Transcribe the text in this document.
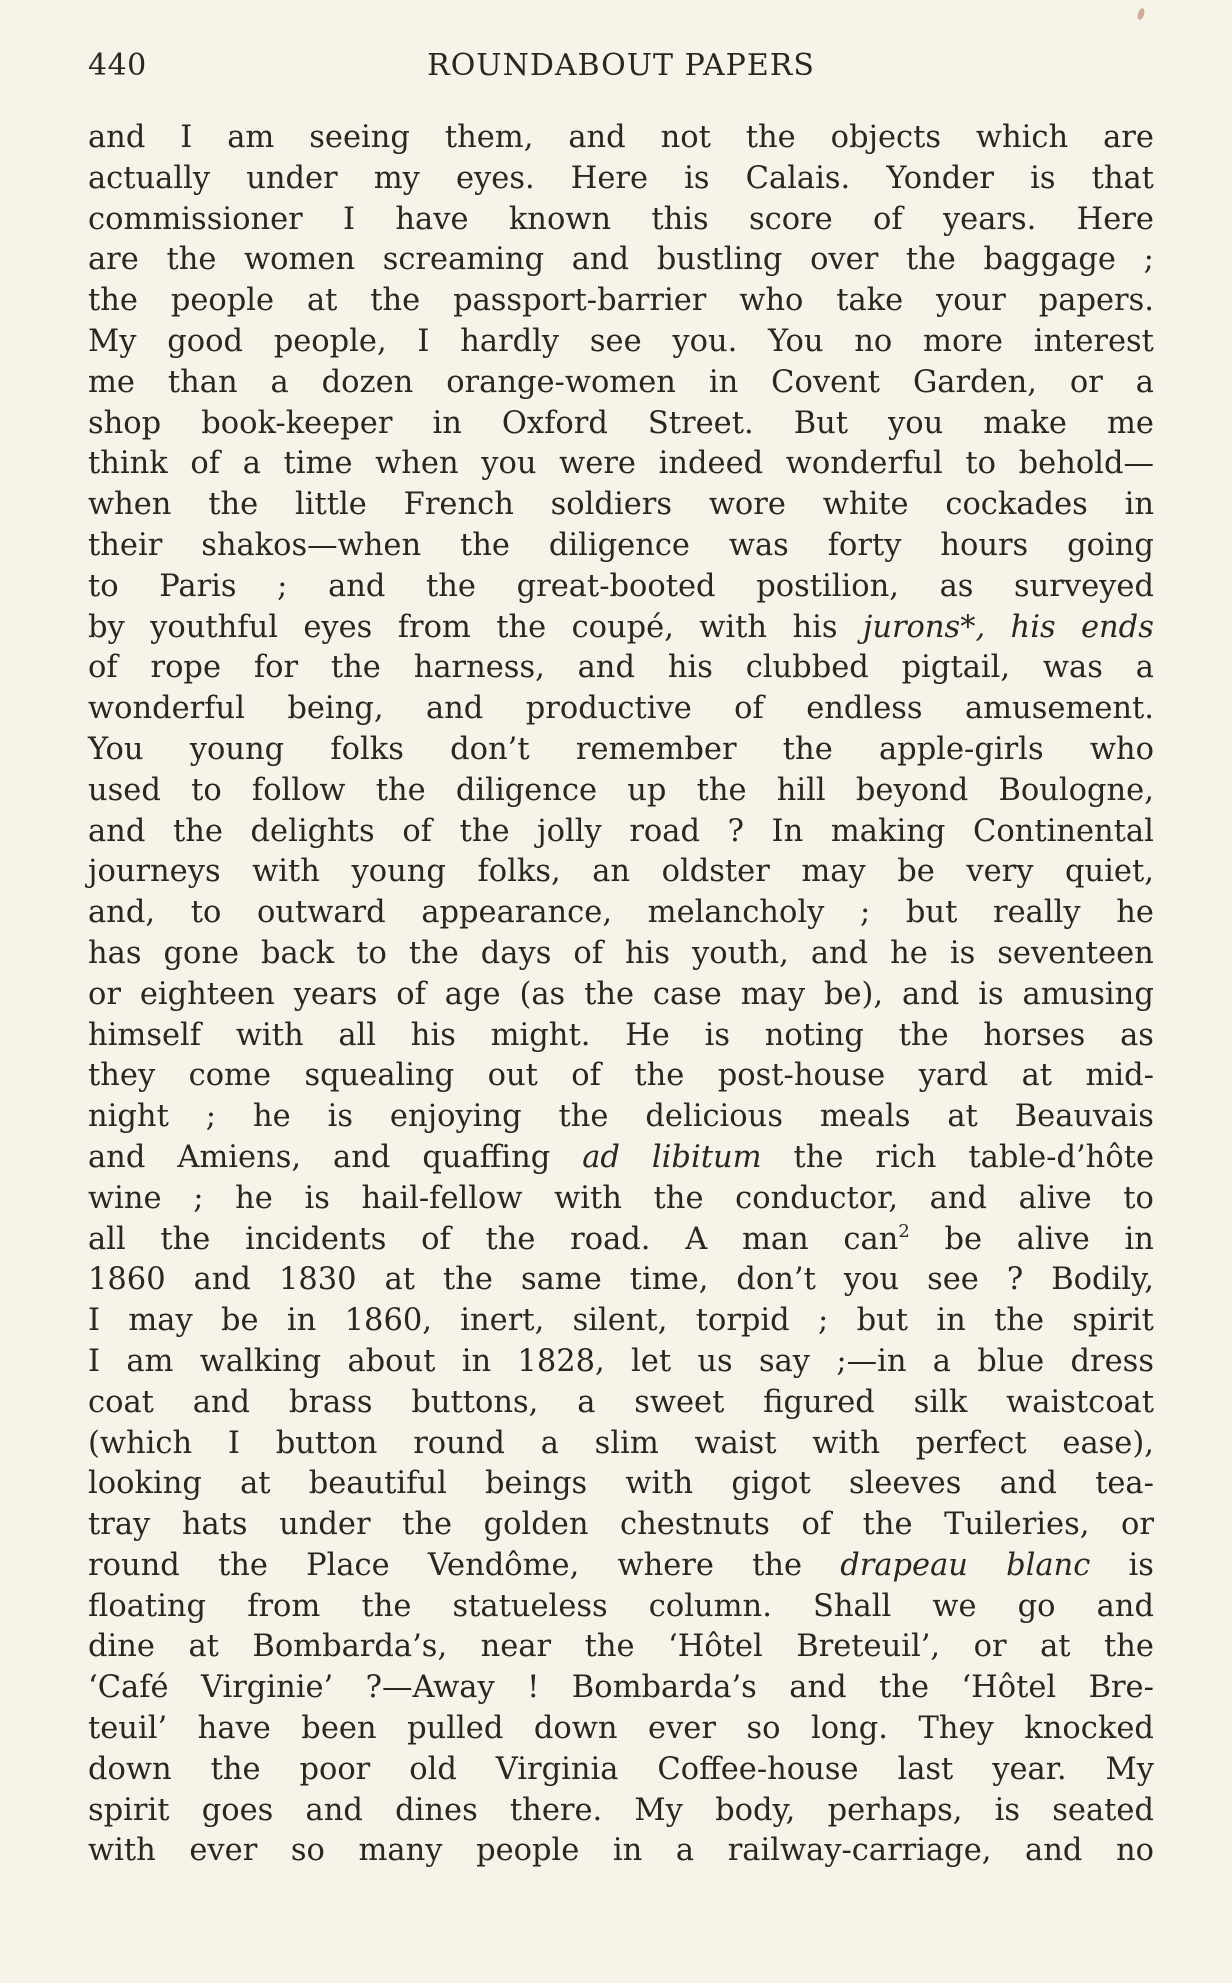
440	ROUNDABOUT PAPERS
and I am seeing them, and not the objects which are
actually under my eyes. Here is Calais. Yonder is that
commissioner I have known this score of years. Here
are the women screaming and bustling over the baggage ;
the people at the passport-barrier who take your papers.
My good people, I hardly see you. You no more interest
me than a dozen orange-women in Covent Garden, or a
shop book-keeper in Oxford Street. But you make me
think of a time when you were indeed wonderful to behold—
when the little French soldiers wore white cockades in
their shakos—when the diligence was forty hours going
to Paris ; and the great-booted postilion, as surveyed
by youthful eyes from the coupé, with his jurons*, his ends
of rope for the harness, and his clubbed pigtail, was a
wonderful being, and productive of endless amusement.
You young folks don’t remember the apple-girls who
used to follow the diligence up the hill beyond Boulogne,
and the delights of the jolly road ? In making Continental
journeys with young folks, an oldster may be very quiet,
and, to outward appearance, melancholy ; but really he
has gone back to the days of his youth, and he is seventeen
or eighteen years of age (as the case may be), and is amusing
himself with all his might. He is noting the horses as
they come squealing out of the post-house yard at mid-
night ; he is enjoying the delicious meals at Beauvais
and Amiens, and quaffing ad libitum the rich table-d’hôte
wine ; he is hail-fellow with the conductor, and alive to
all the incidents of the road. A man can$^2$ be alive in
1860 and 1830 at the same time, don’t you see ? Bodily,
I may be in 1860, inert, silent, torpid ; but in the spirit
I am walking about in 1828, let us say ;—in a blue dress
coat and brass buttons, a sweet figured silk waistcoat
(which I button round a slim waist with perfect ease),
looking at beautiful beings with gigot sleeves and tea-
tray hats under the golden chestnuts of the Tuileries, or
round the Place Vendôme, where the drapeau blanc is
floating from the statueless column. Shall we go and
dine at Bombarda’s, near the ‘Hôtel Breteuil’, or at the
‘Café Virginie’ ?—Away ! Bombarda’s and the ‘Hôtel Bre-
teuil’ have been pulled down ever so long. They knocked
down the poor old Virginia Coffee-house last year. My
spirit goes and dines there. My body, perhaps, is seated
with ever so many people in a railway-carriage, and no
